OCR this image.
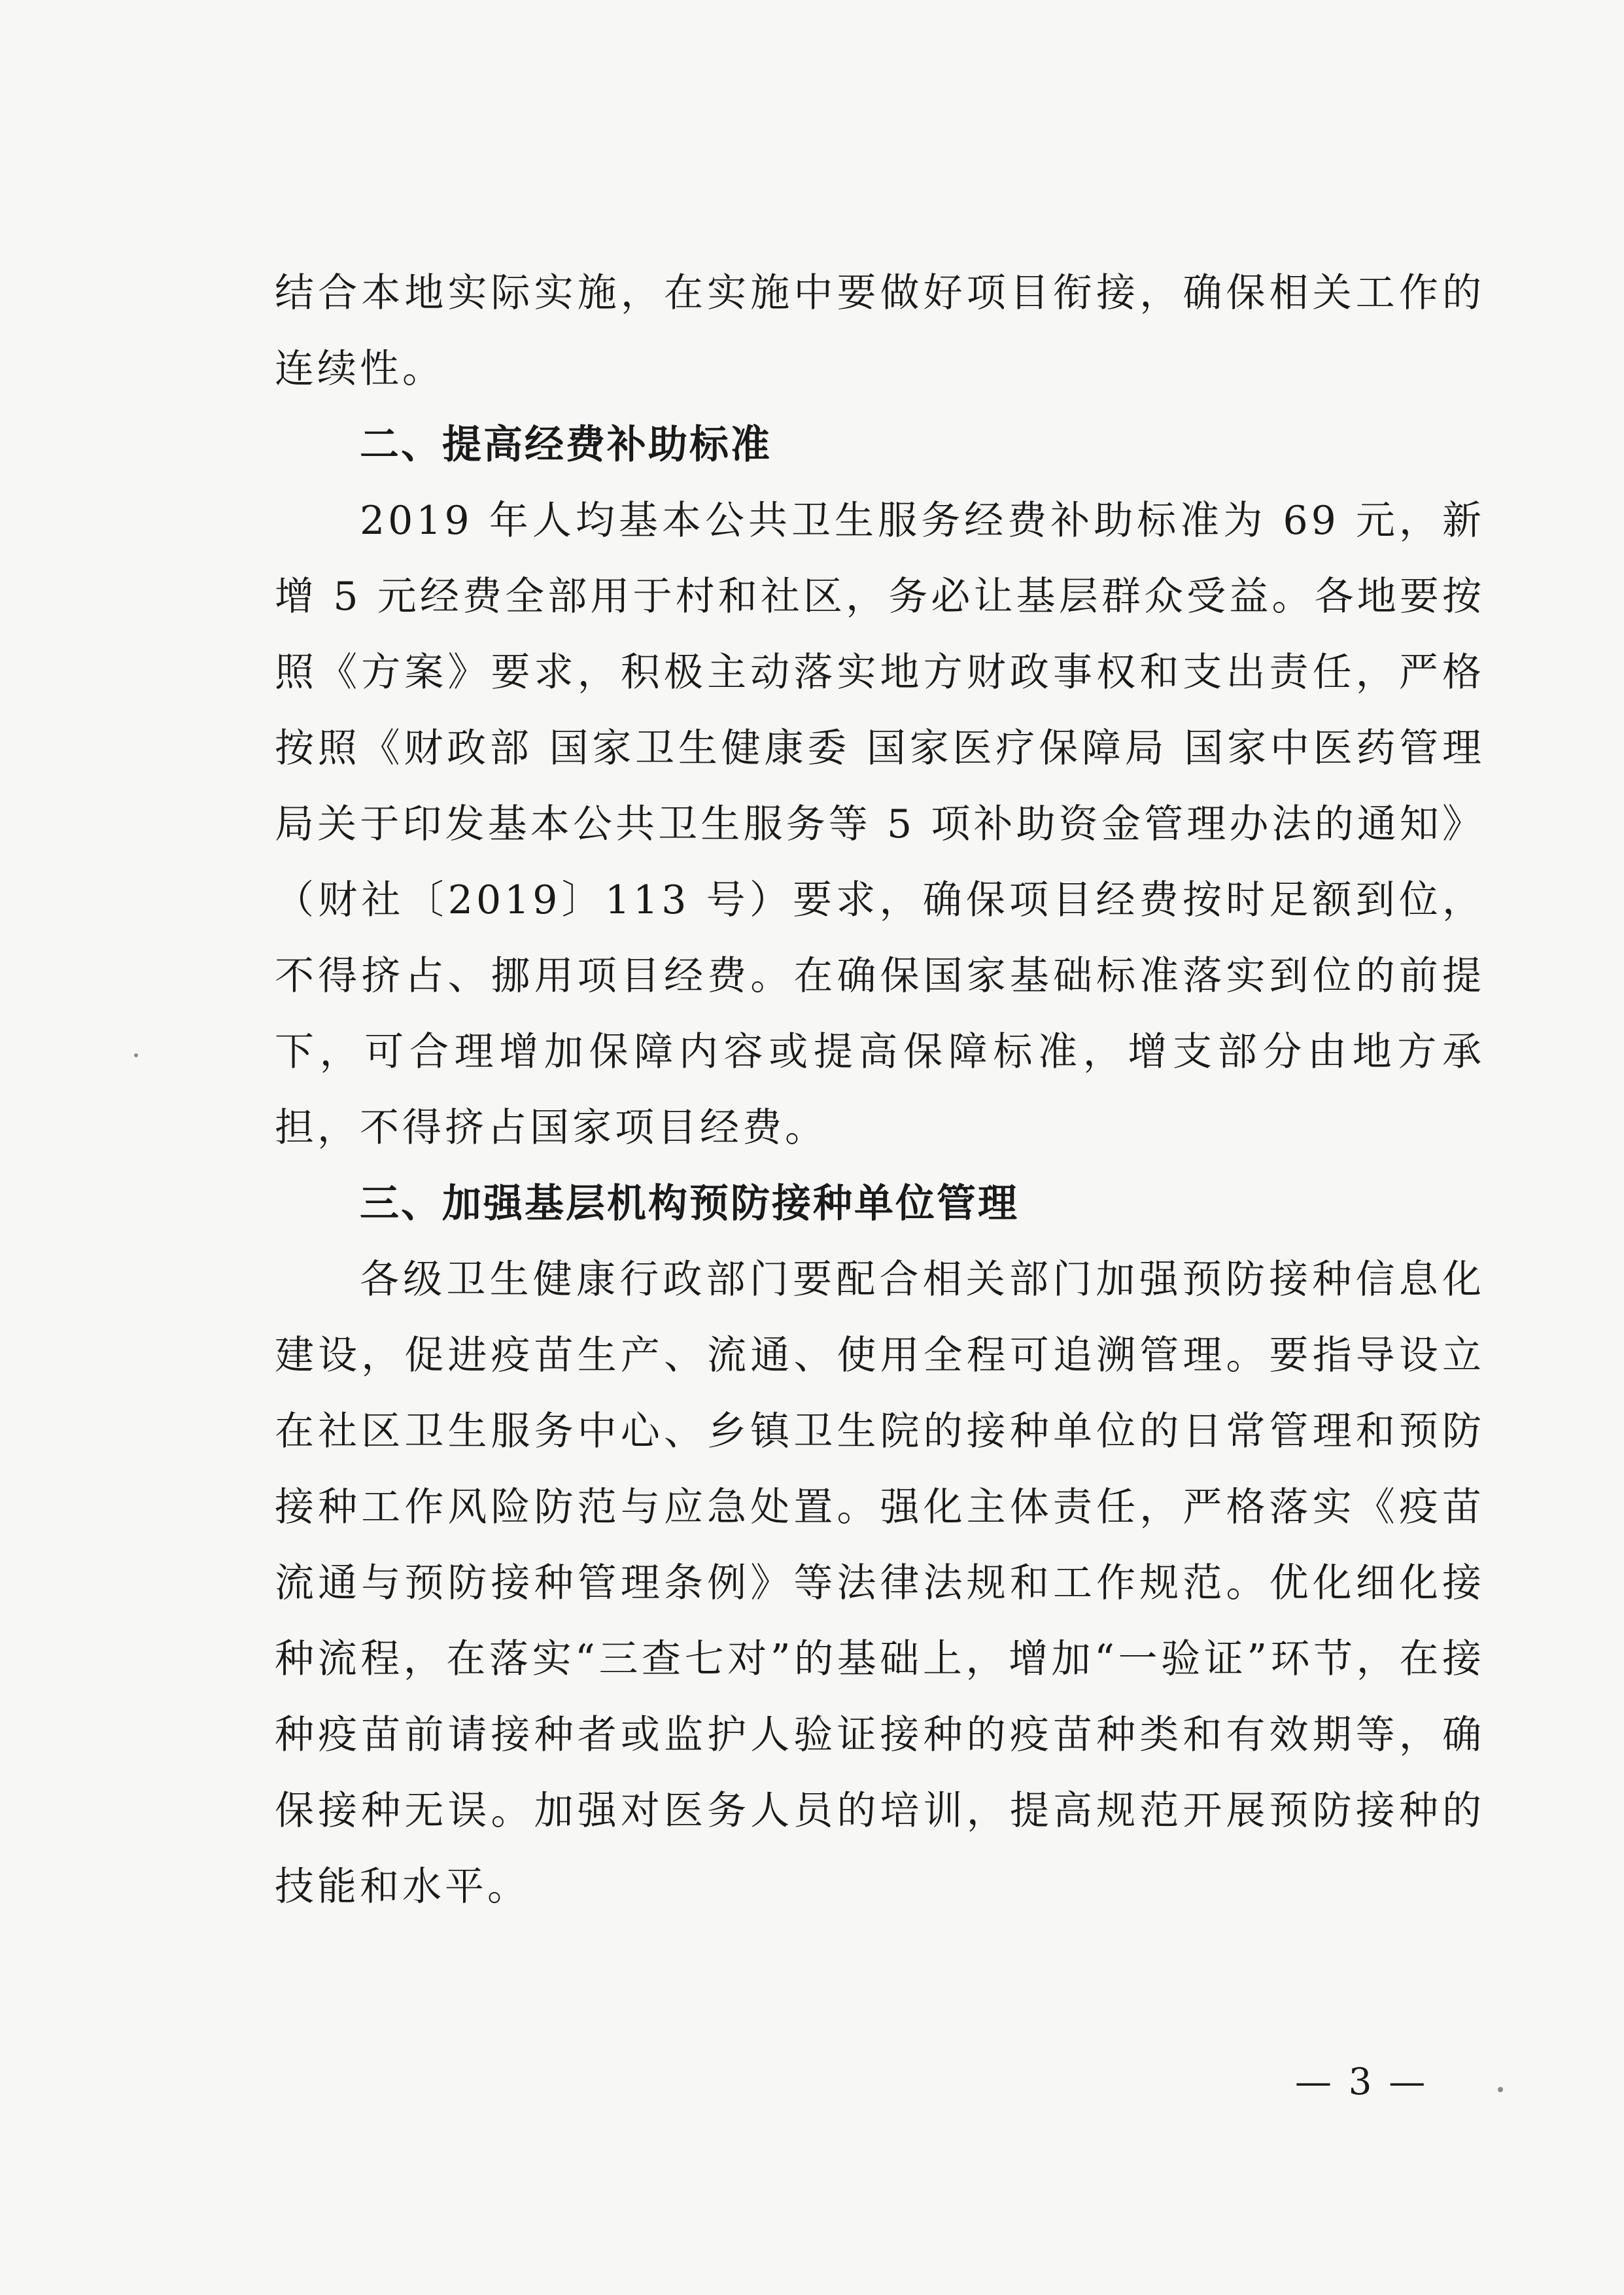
结合本地实际实施，在实施中要做好项目衔接，确保相关工作的连续性。

二、提高经费补助标准

2019 年人均基本公共卫生服务经费补助标准为 69 元，新增 5 元经费全部用于村和社区，务必让基层群众受益。各地要按照《方案》要求，积极主动落实地方财政事权和支出责任，严格按照《财政部 国家卫生健康委 国家医疗保障局 国家中医药管理局关于印发基本公共卫生服务等 5 项补助资金管理办法的通知》（财社〔2019〕113 号）要求，确保项目经费按时足额到位，不得挤占、挪用项目经费。在确保国家基础标准落实到位的前提下，可合理增加保障内容或提高保障标准，增支部分由地方承担，不得挤占国家项目经费。

三、加强基层机构预防接种单位管理

各级卫生健康行政部门要配合相关部门加强预防接种信息化建设，促进疫苗生产、流通、使用全程可追溯管理。要指导设立在社区卫生服务中心、乡镇卫生院的接种单位的日常管理和预防接种工作风险防范与应急处置。强化主体责任，严格落实《疫苗流通与预防接种管理条例》等法律法规和工作规范。优化细化接种流程，在落实“三查七对”的基础上，增加“一验证”环节，在接种疫苗前请接种者或监护人验证接种的疫苗种类和有效期等，确保接种无误。加强对医务人员的培训，提高规范开展预防接种的技能和水平。

— 3 —
